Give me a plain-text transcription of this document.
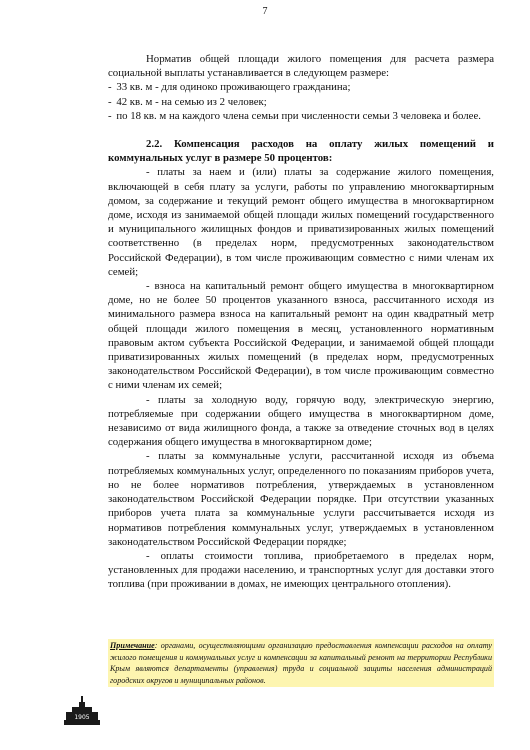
7

Норматив общей площади жилого помещения для расчета размера социальной выплаты устанавливается в следующем размере:

- 33 кв. м - для одиноко проживающего гражданина;

- 42 кв. м - на семью из 2 человек;

- по 18 кв. м на каждого члена семьи при численности семьи 3 человека и более.

2.2. Компенсация расходов на оплату жилых помещений и коммунальных услуг в размере 50 процентов:

- платы за наем и (или) платы за содержание жилого помещения, включающей в себя плату за услуги, работы по управлению многоквартирным домом, за содержание и текущий ремонт общего имущества в многоквартирном доме, исходя из занимаемой общей площади жилых помещений государственного и муниципального жилищных фондов и приватизированных жилых помещений соответственно (в пределах норм, предусмотренных законодательством Российской Федерации), в том числе проживающим совместно с ними членам их семей;

- взноса на капитальный ремонт общего имущества в многоквартирном доме, но не более 50 процентов указанного взноса, рассчитанного исходя из минимального размера взноса на капитальный ремонт на один квадратный метр общей площади жилого помещения в месяц, установленного нормативным правовым актом субъекта Российской Федерации, и занимаемой общей площади приватизированных жилых помещений (в пределах норм, предусмотренных законодательством Российской Федерации), в том числе проживающим совместно с ними членам их семей;

- платы за холодную воду, горячую воду, электрическую энергию, потребляемые при содержании общего имущества в многоквартирном доме, независимо от вида жилищного фонда, а также за отведение сточных вод в целях содержания общего имущества в многоквартирном доме;

- платы за коммунальные услуги, рассчитанной исходя из объема потребляемых коммунальных услуг, определенного по показаниям приборов учета, но не более нормативов потребления, утверждаемых в установленном законодательством Российской Федерации порядке. При отсутствии указанных приборов учета плата за коммунальные услуги рассчитывается исходя из нормативов потребления коммунальных услуг, утверждаемых в установленном законодательством Российской Федерации порядке;

- оплаты стоимости топлива, приобретаемого в пределах норм, установленных для продажи населению, и транспортных услуг для доставки этого топлива (при проживании в домах, не имеющих центрального отопления).

Примечание: органами, осуществляющими организацию предоставления компенсации расходов на оплату жилого помещения и коммунальных услуг и компенсации за капитальный ремонт на территории Республики Крым являются департаменты (управления) труда и социальной защиты населения администраций городских округов и муниципальных районов.
1905
